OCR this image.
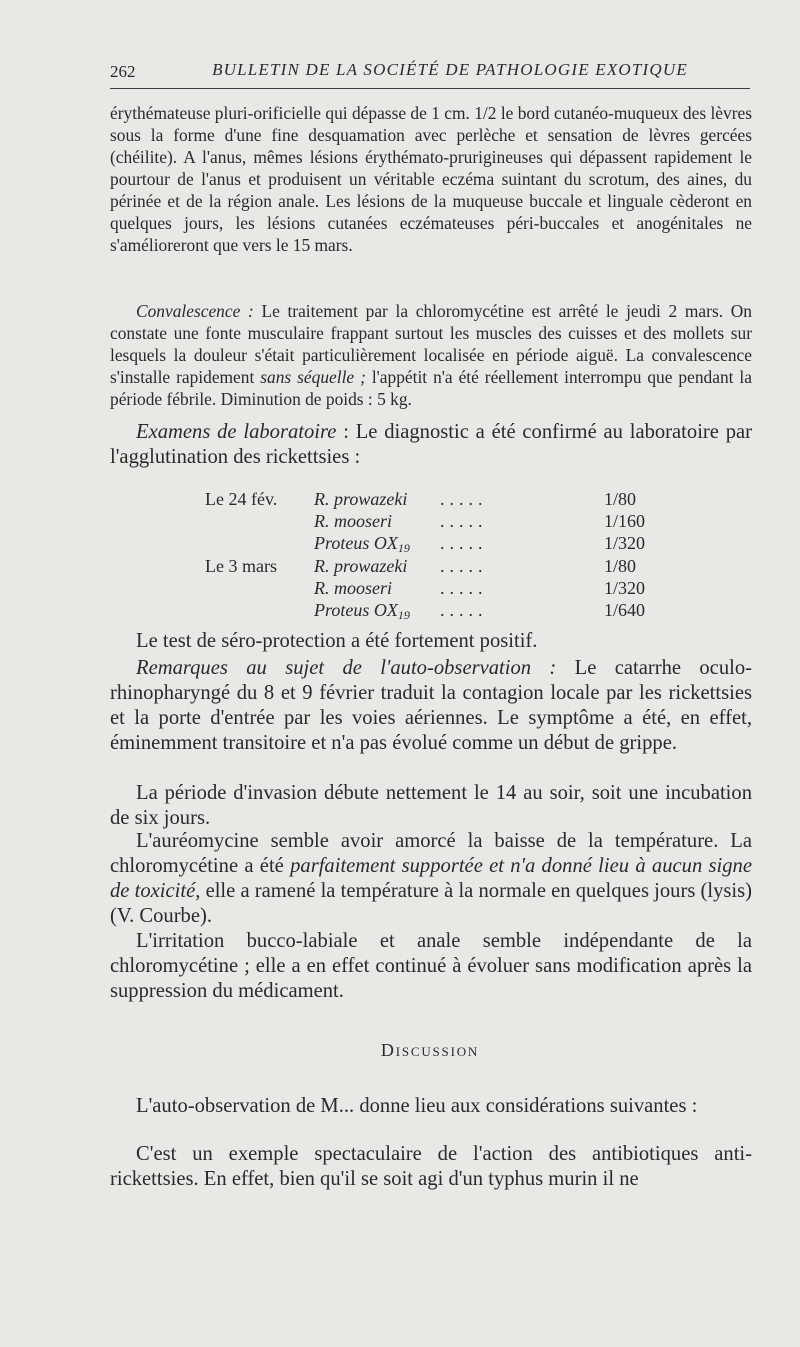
262	BULLETIN DE LA SOCIÉTÉ DE PATHOLOGIE EXOTIQUE

érythémateuse pluri-orificielle qui dépasse de 1 cm. 1/2 le bord cutanéo-muqueux des lèvres sous la forme d'une fine desquamation avec perlèche et sensation de lèvres gercées (chéilite). A l'anus, mêmes lésions érythémato-prurigineuses qui dépassent rapidement le pourtour de l'anus et produisent un véritable eczéma suintant du scrotum, des aines, du périnée et de la région anale. Les lésions de la muqueuse buccale et linguale cèderont en quelques jours, les lésions cutanées eczémateuses péri-buccales et anogénitales ne s'amélioreront que vers le 15 mars.

Convalescence : Le traitement par la chloromycétine est arrêté le jeudi 2 mars. On constate une fonte musculaire frappant surtout les muscles des cuisses et des mollets sur lesquels la douleur s'était particulièrement localisée en période aiguë. La convalescence s'installe rapidement sans séquelle ; l'appétit n'a été réellement interrompu que pendant la période fébrile. Diminution de poids : 5 kg.

Examens de laboratoire : Le diagnostic a été confirmé au laboratoire par l'agglutination des rickettsies :

Le 24 fév.
Le 3 mars
R. prowazeki
R. mooseri
Proteus $OX_{19}$
R. prowazeki
R. mooseri
Proteus $OX_{19}$
.....
.....
.....
.....
.....
.....
1/80
1/160
1/320
1/80
1/320
1/640

Le test de séro-protection a été fortement positif.

Remarques au sujet de l'auto-observation : Le catarrhe oculo-rhinopharyngé du 8 et 9 février traduit la contagion locale par les rickettsies et la porte d'entrée par les voies aériennes. Le symptôme a été, en effet, éminemment transitoire et n'a pas évolué comme un début de grippe.

La période d'invasion débute nettement le 14 au soir, soit une incubation de six jours.

L'auréomycine semble avoir amorcé la baisse de la température. La chloromycétine a été parfaitement supportée et n'a donné lieu à aucun signe de toxicité, elle a ramené la température à la normale en quelques jours (lysis) (V. Courbe).

L'irritation bucco-labiale et anale semble indépendante de la chloromycétine ; elle a en effet continué à évoluer sans modification après la suppression du médicament.

Discussion

L'auto-observation de M... donne lieu aux considérations suivantes :

C'est un exemple spectaculaire de l'action des antibiotiques anti-rickettsies. En effet, bien qu'il se soit agi d'un typhus murin il ne
